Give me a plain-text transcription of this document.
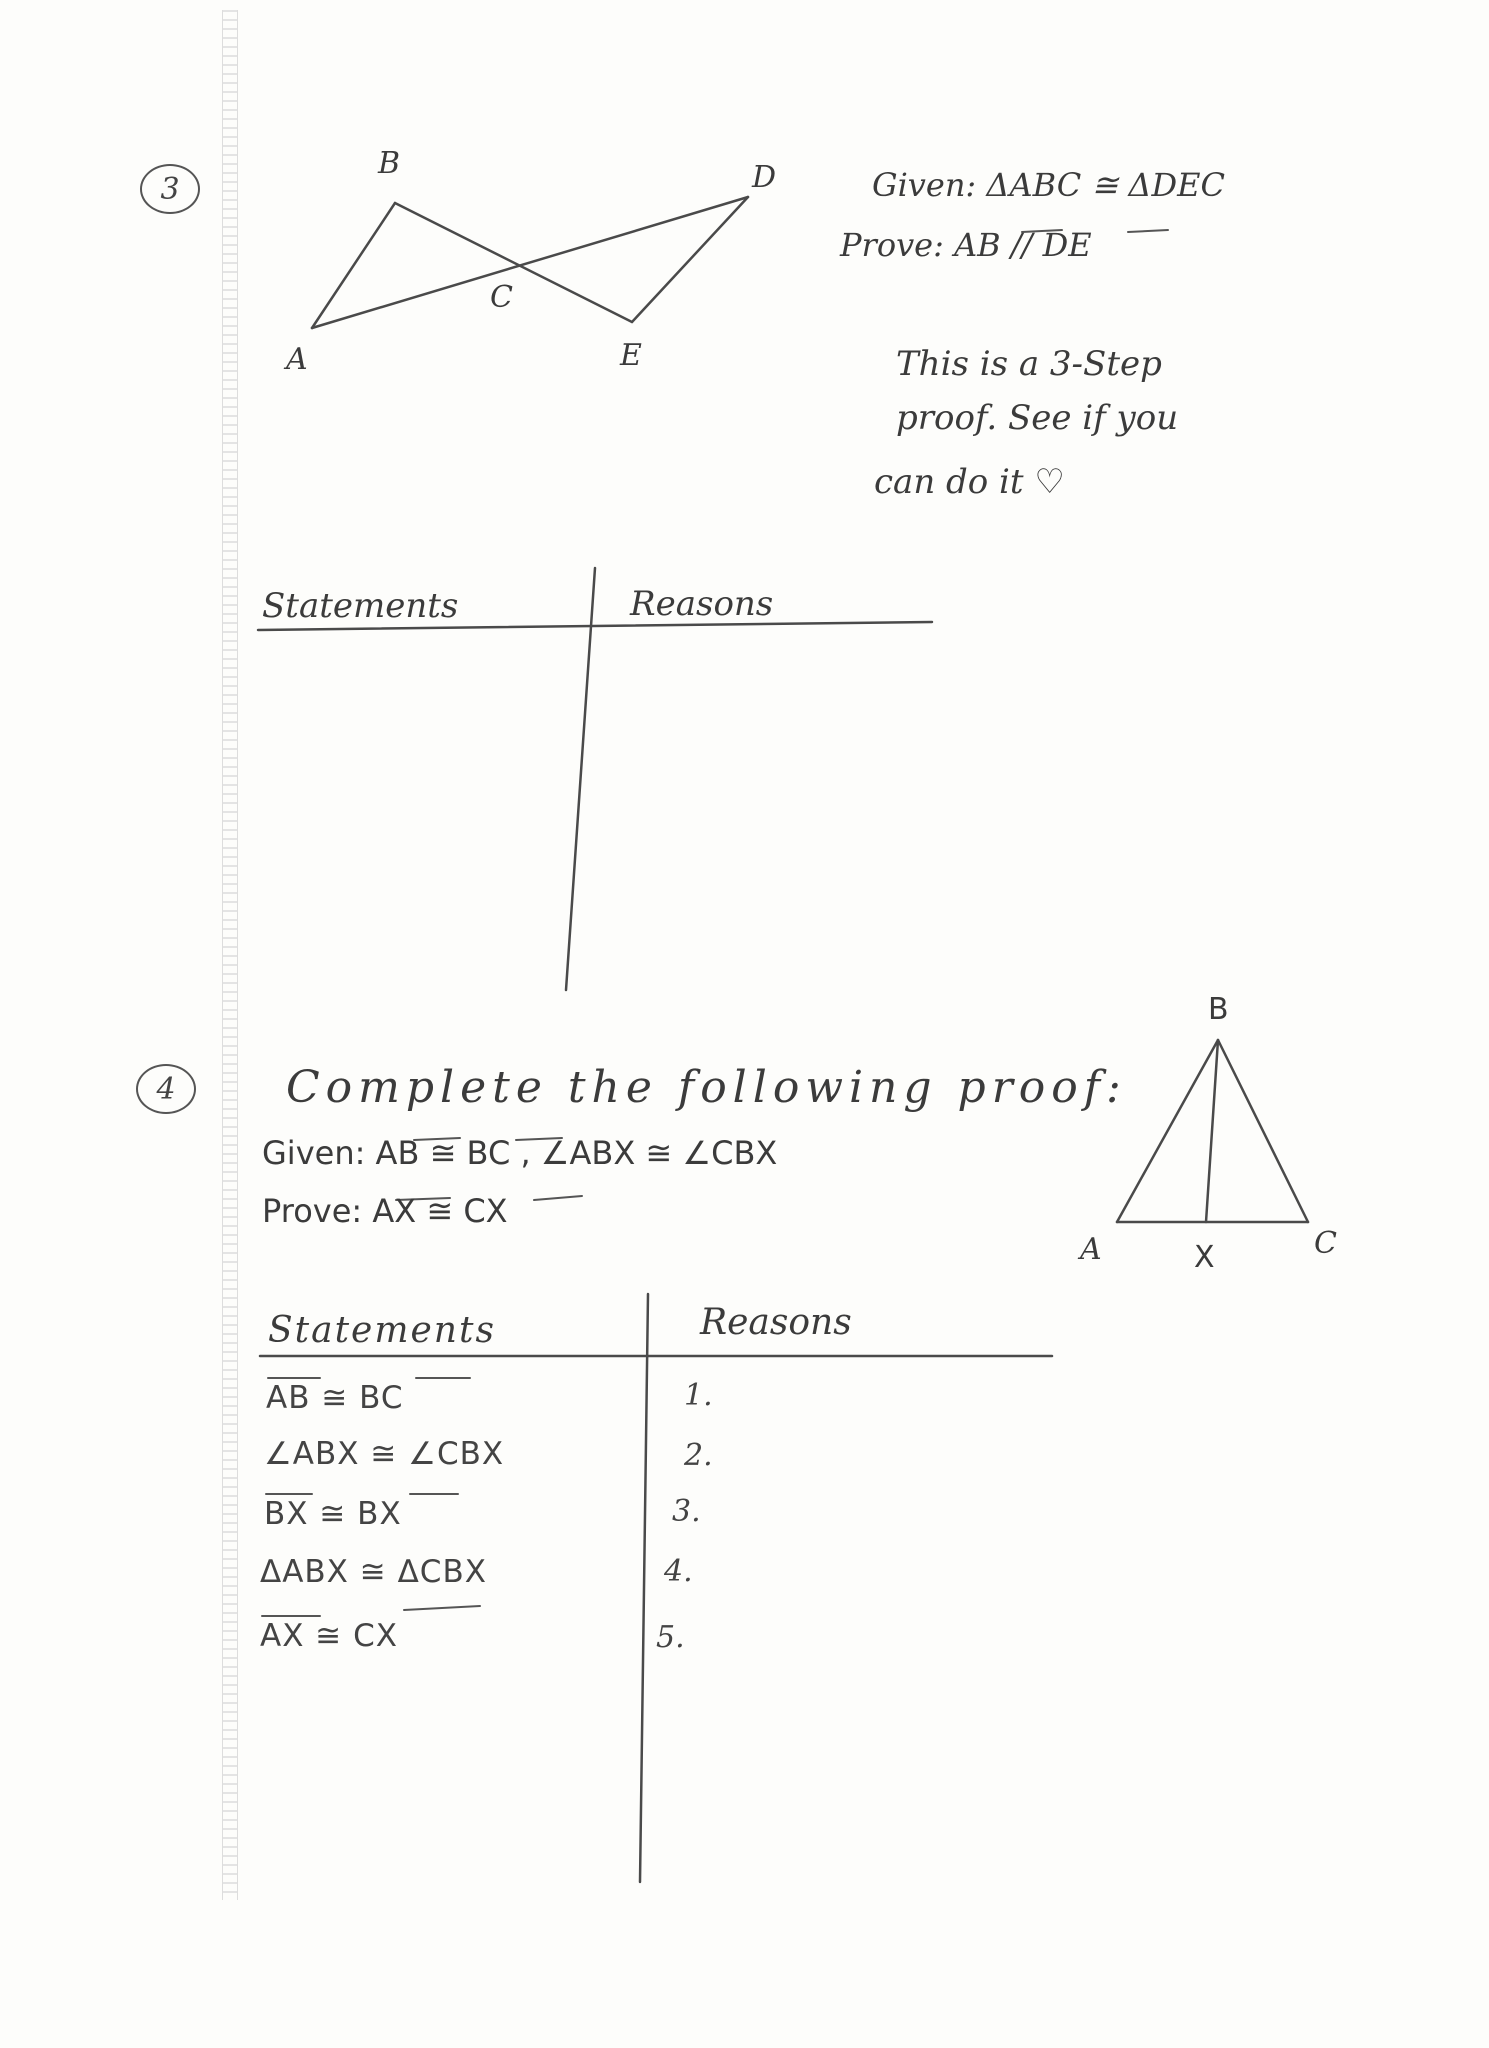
3
B	D
C
A	E
Given: ΔABC ≅ ΔDEC
Prove: AB // DE
This is a 3-Step
proof. See if you
can do it ♡
Statements	Reasons
4	Complete the following proof:
Given: AB ≅ BC , ∠ABX ≅ ∠CBX
Prove: AX ≅ CX
B
A	X	C
Statements	Reasons
AB ≅ BC	1.
∠ABX ≅ ∠CBX	2.
BX ≅ BX	3.
ΔABX ≅ ΔCBX	4.
AX ≅ CX	5.
